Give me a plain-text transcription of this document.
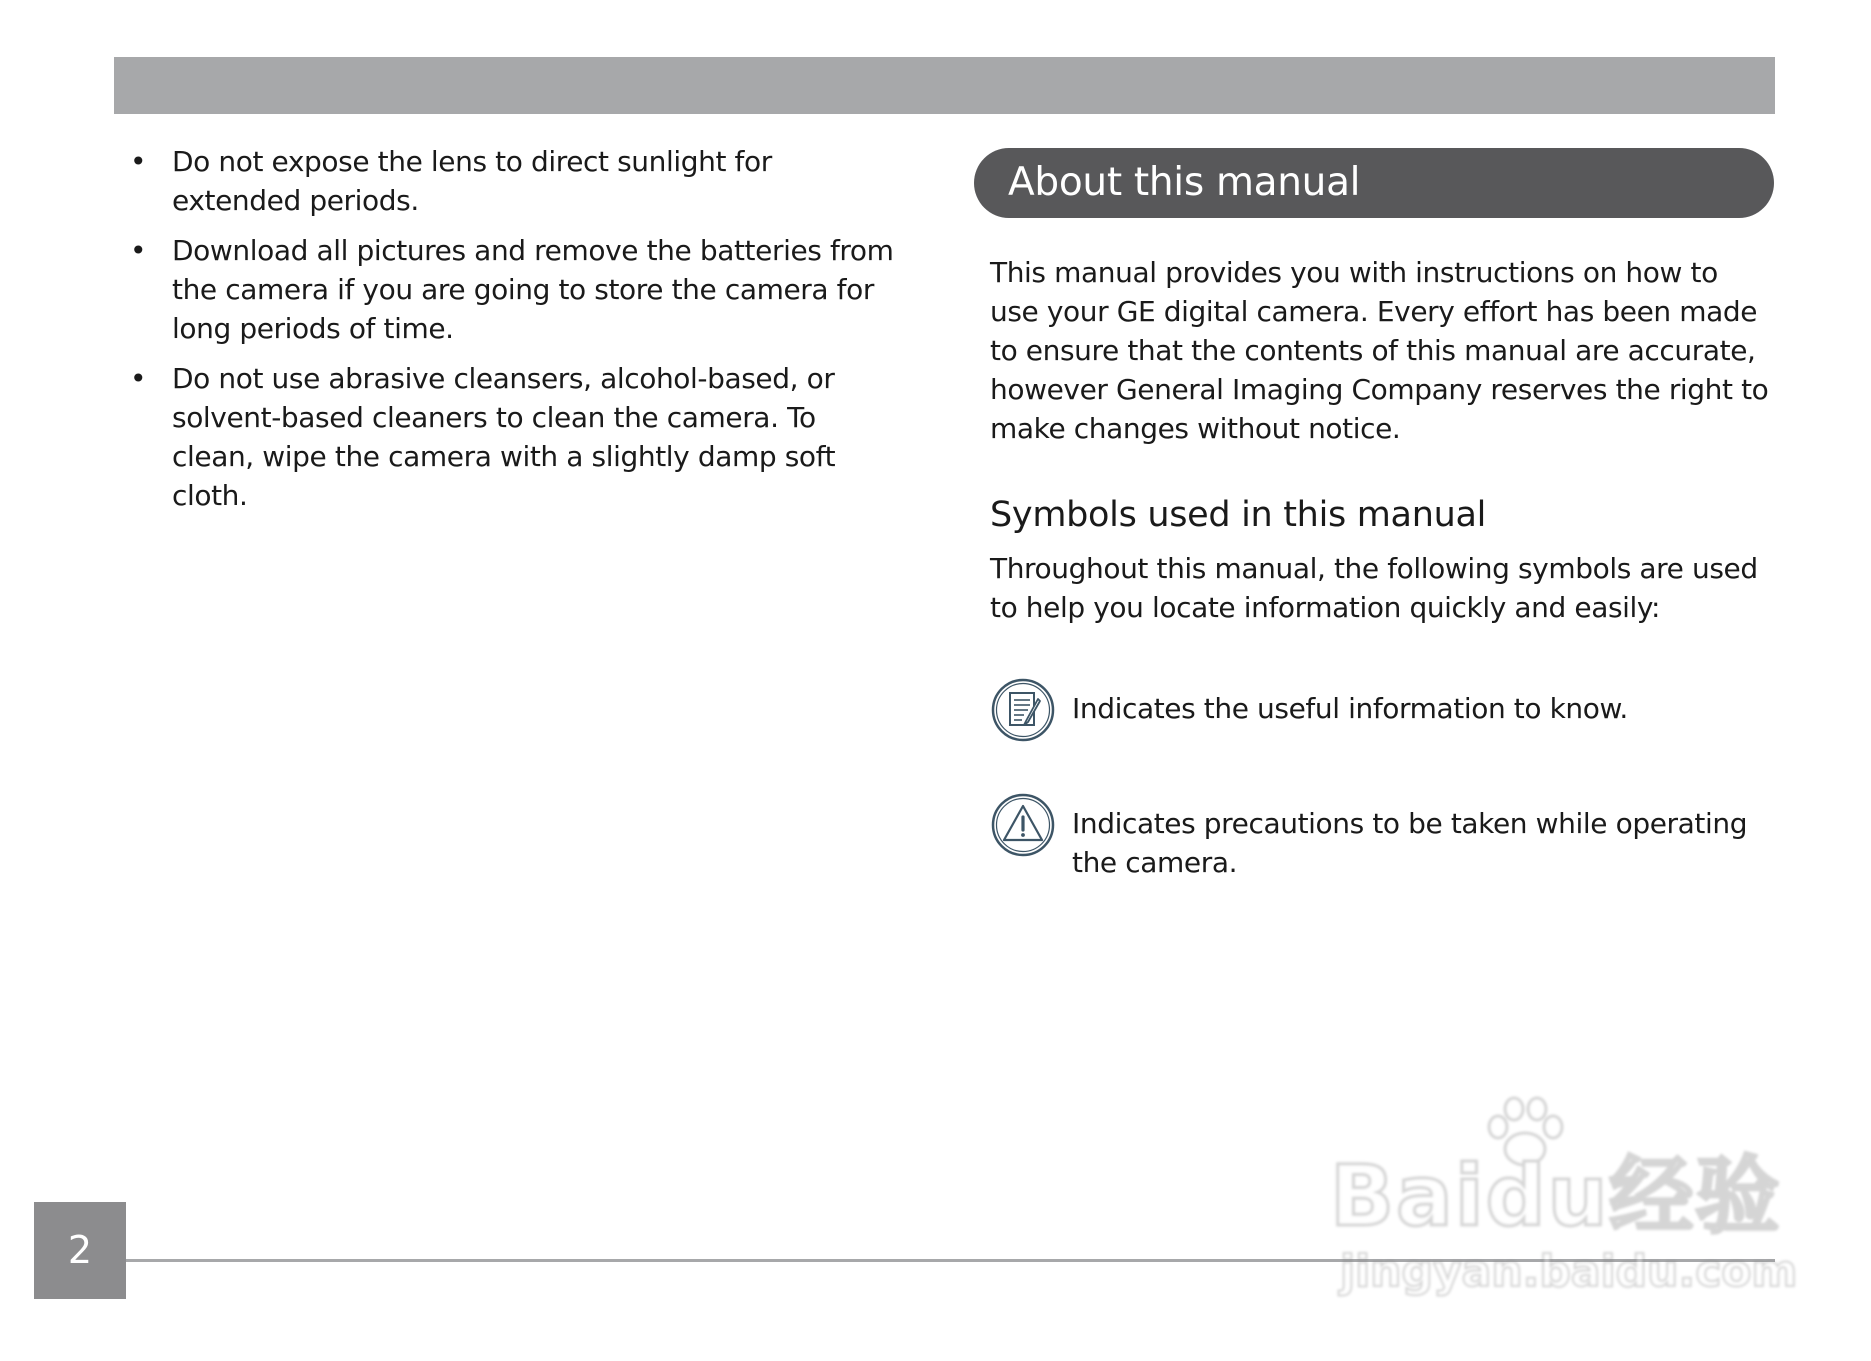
• Do not expose the lens to direct sunlight for extended periods.
• Download all pictures and remove the batteries from the camera if you are going to store the camera for long periods of time.
• Do not use abrasive cleansers, alcohol-based, or solvent-based cleaners to clean the camera. To clean, wipe the camera with a slightly damp soft cloth.
About this manual

This manual provides you with instructions on how to use your GE digital camera. Every effort has been made to ensure that the contents of this manual are accurate, however General Imaging Company reserves the right to make changes without notice.

Symbols used in this manual

Throughout this manual, the following symbols are used to help you locate information quickly and easily:

Indicates the useful information to know.
Indicates precautions to be taken while operating the camera.
2
Baidu经验
jingyan.baidu.com
